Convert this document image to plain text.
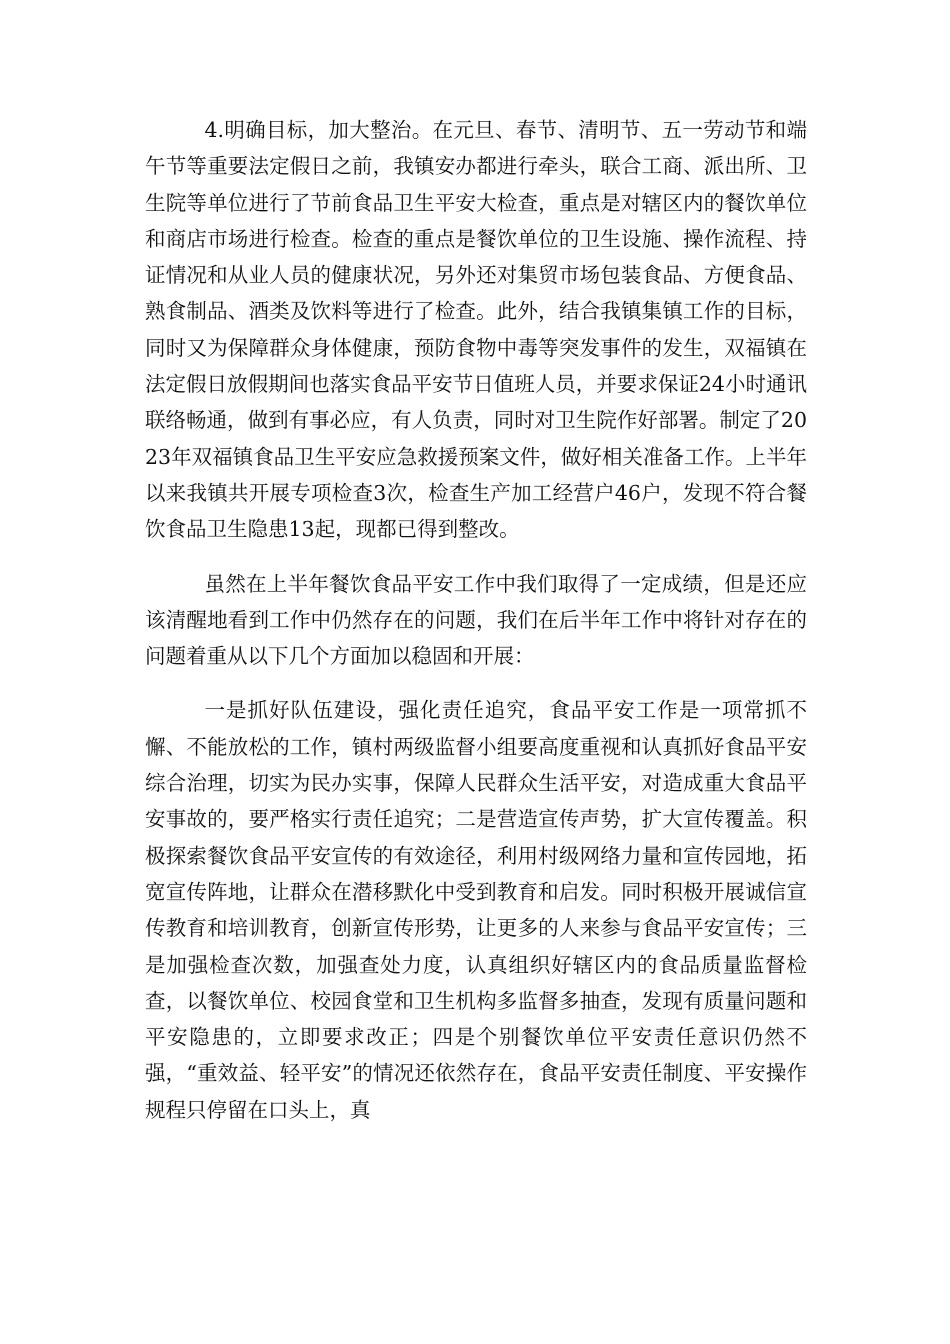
4.明确目标，加大整治。在元旦、春节、清明节、五一劳动节和端午节等重要法定假日之前，我镇安办都进行牵头，联合工商、派出所、卫生院等单位进行了节前食品卫生平安大检查，重点是对辖区内的餐饮单位和商店市场进行检查。检查的重点是餐饮单位的卫生设施、操作流程、持证情况和从业人员的健康状况，另外还对集贸市场包装食品、方便食品、熟食制品、酒类及饮料等进行了检查。此外，结合我镇集镇工作的目标，同时又为保障群众身体健康，预防食物中毒等突发事件的发生，双福镇在法定假日放假期间也落实食品平安节日值班人员，并要求保证24小时通讯联络畅通，做到有事必应，有人负责，同时对卫生院作好部署。制定了2023年双福镇食品卫生平安应急救援预案文件，做好相关准备工作。上半年以来我镇共开展专项检查3次，检查生产加工经营户46户，发现不符合餐饮食品卫生隐患13起，现都已得到整改。

虽然在上半年餐饮食品平安工作中我们取得了一定成绩，但是还应该清醒地看到工作中仍然存在的问题，我们在后半年工作中将针对存在的问题着重从以下几个方面加以稳固和开展：

一是抓好队伍建设，强化责任追究，食品平安工作是一项常抓不懈、不能放松的工作，镇村两级监督小组要高度重视和认真抓好食品平安综合治理，切实为民办实事，保障人民群众生活平安，对造成重大食品平安事故的，要严格实行责任追究；二是营造宣传声势，扩大宣传覆盖。积极探索餐饮食品平安宣传的有效途径，利用村级网络力量和宣传园地，拓宽宣传阵地，让群众在潜移默化中受到教育和启发。同时积极开展诚信宣传教育和培训教育，创新宣传形势，让更多的人来参与食品平安宣传；三是加强检查次数，加强查处力度，认真组织好辖区内的食品质量监督检查，以餐饮单位、校园食堂和卫生机构多监督多抽查，发现有质量问题和平安隐患的，立即要求改正；四是个别餐饮单位平安责任意识仍然不强，“重效益、轻平安”的情况还依然存在，食品平安责任制度、平安操作规程只停留在口头上，真
